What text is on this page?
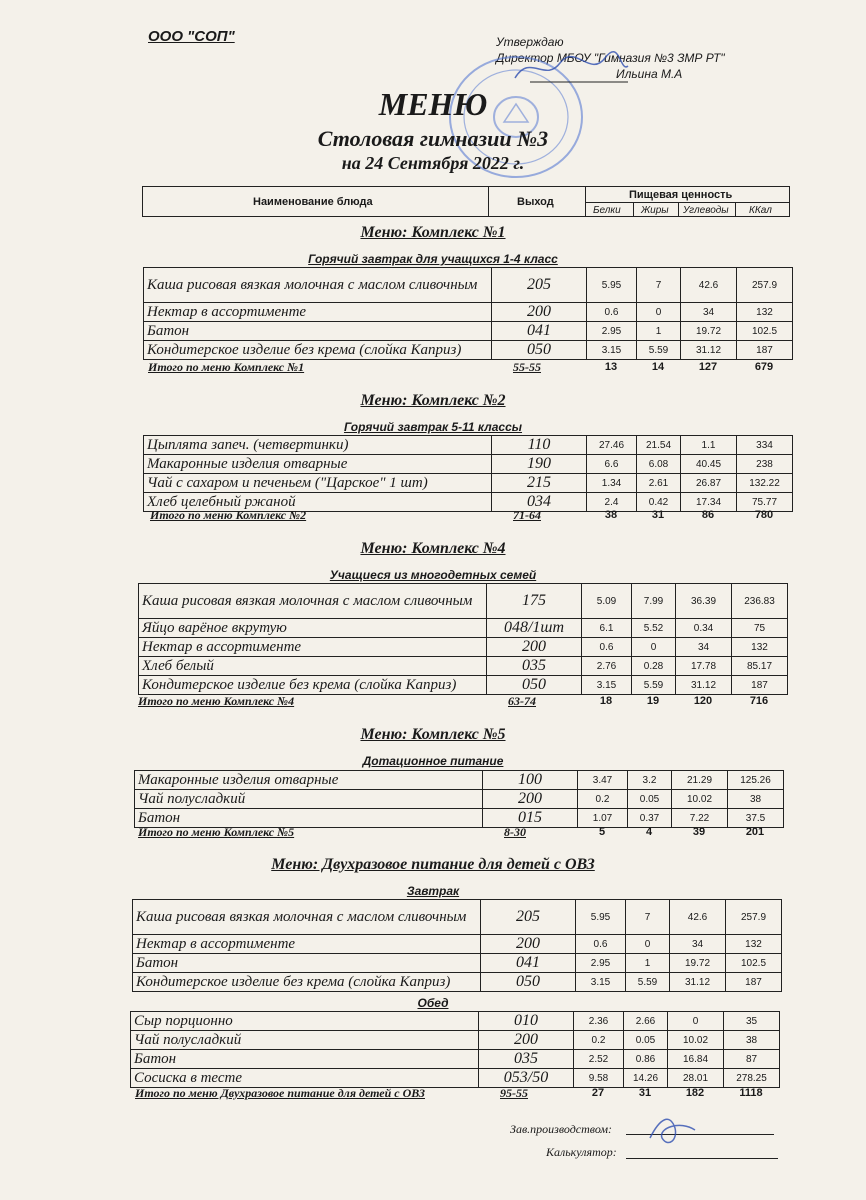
ООО "СОП"	Утверждаю
Директор МБОУ "Гимназия №3 ЗМР РТ"
Ильина М.А
МЕНЮ
Столовая гимназии №3
на 24 Сентября 2022 г.
Наименование блюда	Выход
Пищевая ценность
Белки Жиры Углеводы ККал
Меню: Комплекс №1
Горячий завтрак для учащихся 1-4 класс
Каша рисовая вязкая молочная с маслом сливочным	205	5.95	7	42.6	257.9
Нектар в ассортименте	200	0.6	0	34	132
Батон	041	2.95	1	19.72	102.5
Кондитерское изделие без крема (слойка Каприз)	050	3.15	5.59	31.12	187
Итого по меню Комплекс №1	55-55	13	14	127	679
Меню: Комплекс №2
Горячий завтрак 5-11 классы
Цыплята запеч. (четвертинки)	110	27.46	21.54	1.1	334
Макаронные изделия отварные	190	6.6	6.08	40.45	238
Чай с сахаром и печеньем ("Царское" 1 шт)	215	1.34	2.61	26.87	132.22
Хлеб целебный ржаной	034	2.4	0.42	17.34	75.77
Итого по меню Комплекс №2	71-64	38	31	86	780
Меню: Комплекс №4
Учащиеся из многодетных семей
Каша рисовая вязкая молочная с маслом сливочным	175	5.09	7.99	36.39	236.83
Яйцо варёное вкрутую	048/1шт	6.1	5.52	0.34	75
Нектар в ассортименте	200	0.6	0	34	132
Хлеб белый	035	2.76	0.28	17.78	85.17
Кондитерское изделие без крема (слойка Каприз)	050	3.15	5.59	31.12	187
Итого по меню Комплекс №4	63-74	18	19	120	716
Меню: Комплекс №5
Дотационное питание
Макаронные изделия отварные	100	3.47	3.2	21.29	125.26
Чай полусладкий	200	0.2	0.05	10.02	38
Батон	015	1.07	0.37	7.22	37.5
Итого по меню Комплекс №5	8-30	5	4	39	201
Меню: Двухразовое питание для детей с ОВЗ
Завтрак
Каша рисовая вязкая молочная с маслом сливочным	205	5.95	7	42.6	257.9
Нектар в ассортименте	200	0.6	0	34	132
Батон	041	2.95	1	19.72	102.5
Кондитерское изделие без крема (слойка Каприз)	050	3.15	5.59	31.12	187
Обед
Сыр порционно	010	2.36	2.66	0	35
Чай полусладкий	200	0.2	0.05	10.02	38
Батон	035	2.52	0.86	16.84	87
Сосиска в тесте	053/50	9.58	14.26	28.01	278.25
Итого по меню Двухразовое питание для детей с ОВЗ	95-55	27	31	182	1118
Зав.производством:
Калькулятор:
